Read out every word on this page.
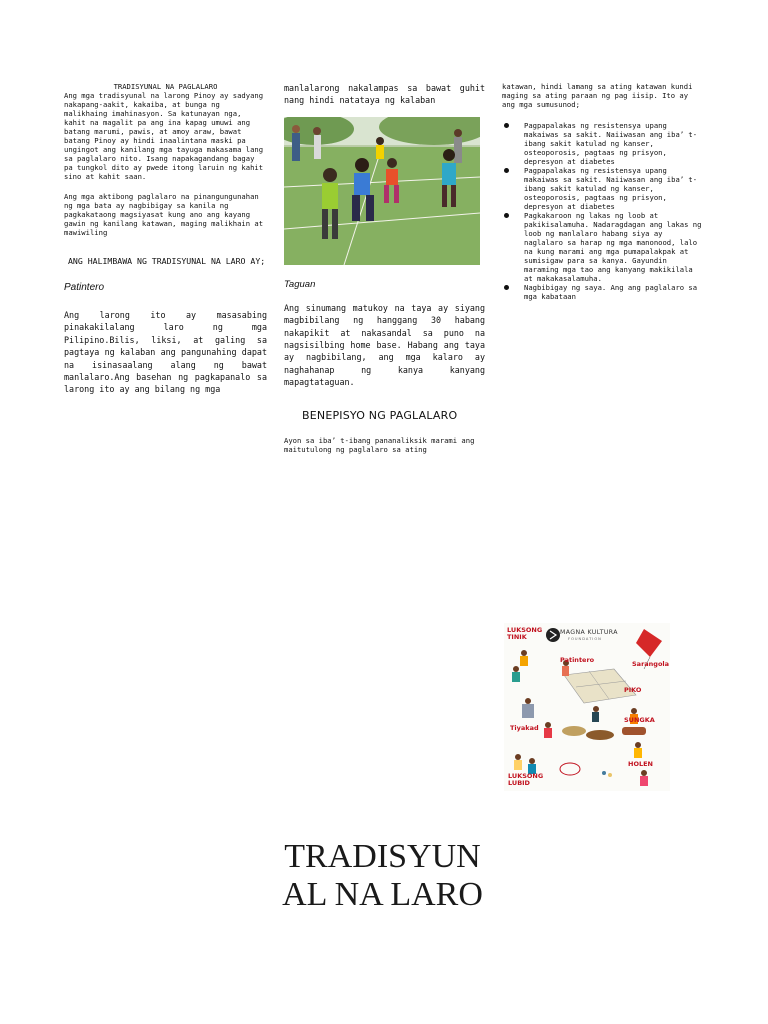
TRADISYUNAL NA PAGLALARO

Ang mga tradisyunal na larong Pinoy ay sadyang nakapang-aakit, kakaiba, at bunga ng malikhaing imahinasyon. Sa katunayan nga, kahit na magalit pa ang ina kapag umuwi ang batang marumi, pawis, at amoy araw, bawat batang Pinoy ay hindi inaalintana maski pa ungingot ang kanilang mga tayuga makasama lang sa paglalaro nito. Isang napakagandang bagay pa tungkol dito ay pwede itong laruin ng kahit sino at kahit saan.

Ang mga aktibong paglalaro na pinangungunahan ng mga bata ay nagbibigay sa kanila ng pagkakataong magsiyasat kung ano ang kayang gawin ng kanilang katawan, maging malikhain at mawiwiling

ANG HALIMBAWA NG TRADISYUNAL NA LARO AY;

Patintero

Ang larong ito ay masasabing pinakakilalang laro ng mga Pilipino.Bilis, liksi, at galing sa pagtaya ng kalaban ang pangunahing dapat na isinasaalang alang ng bawat manlalaro.Ang basehan ng pagkapanalo sa larong ito ay ang bilang ng mga

manlalarong nakalampas sa bawat guhit nang hindi natataya ng kalaban

Taguan

Ang sinumang matukoy na taya ay siyang magbibilang ng hanggang 30 habang nakapikit at nakasandal sa puno na nagsisilbing home base. Habang ang taya ay nagbibilang, ang mga kalaro ay naghahanap ng kanya kanyang mapagtataguan.

BENEPISYO NG PAGLALARO

Ayon sa iba’ t-ibang pananaliksik marami ang maitutulong ng paglalaro sa ating

katawan, hindi lamang sa ating katawan kundi maging sa ating paraan ng pag iisip. Ito ay ang mga sumusunod;

Pagpapalakas ng resistensya upang makaiwas sa sakit. Naiiwasan ang iba’ t- ibang sakit katulad ng kanser, osteoporosis, pagtaas ng prisyon, depresyon at diabetes
Pagpapalakas ng resistensya upang makaiwas sa sakit. Naiiwasan ang iba’ t- ibang sakit katulad ng kanser, osteoporosis, pagtaas ng prisyon, depresyon at diabetes
Pagkakaroon ng lakas ng loob at pakikisalamuha. Nadaragdagan ang lakas ng loob ng manlalaro habang siya ay naglalaro sa harap ng mga manonood, lalo na kung marami ang mga pumapalakpak at sumisigaw para sa kanya. Gayundin maraming mga tao ang kanyang makikilala at makakasalamuha.
Nagbibigay ng saya. Ang ang paglalaro sa mga kabataan
MAGNA KULTURA
FOUNDATION
LUKSONG TINIK
Patintero	Sarangola
PIKO
Tiyakad
SUNGKA
LUKSONG LUBID
HOLEN
TRADISYUN
AL NA LARO
